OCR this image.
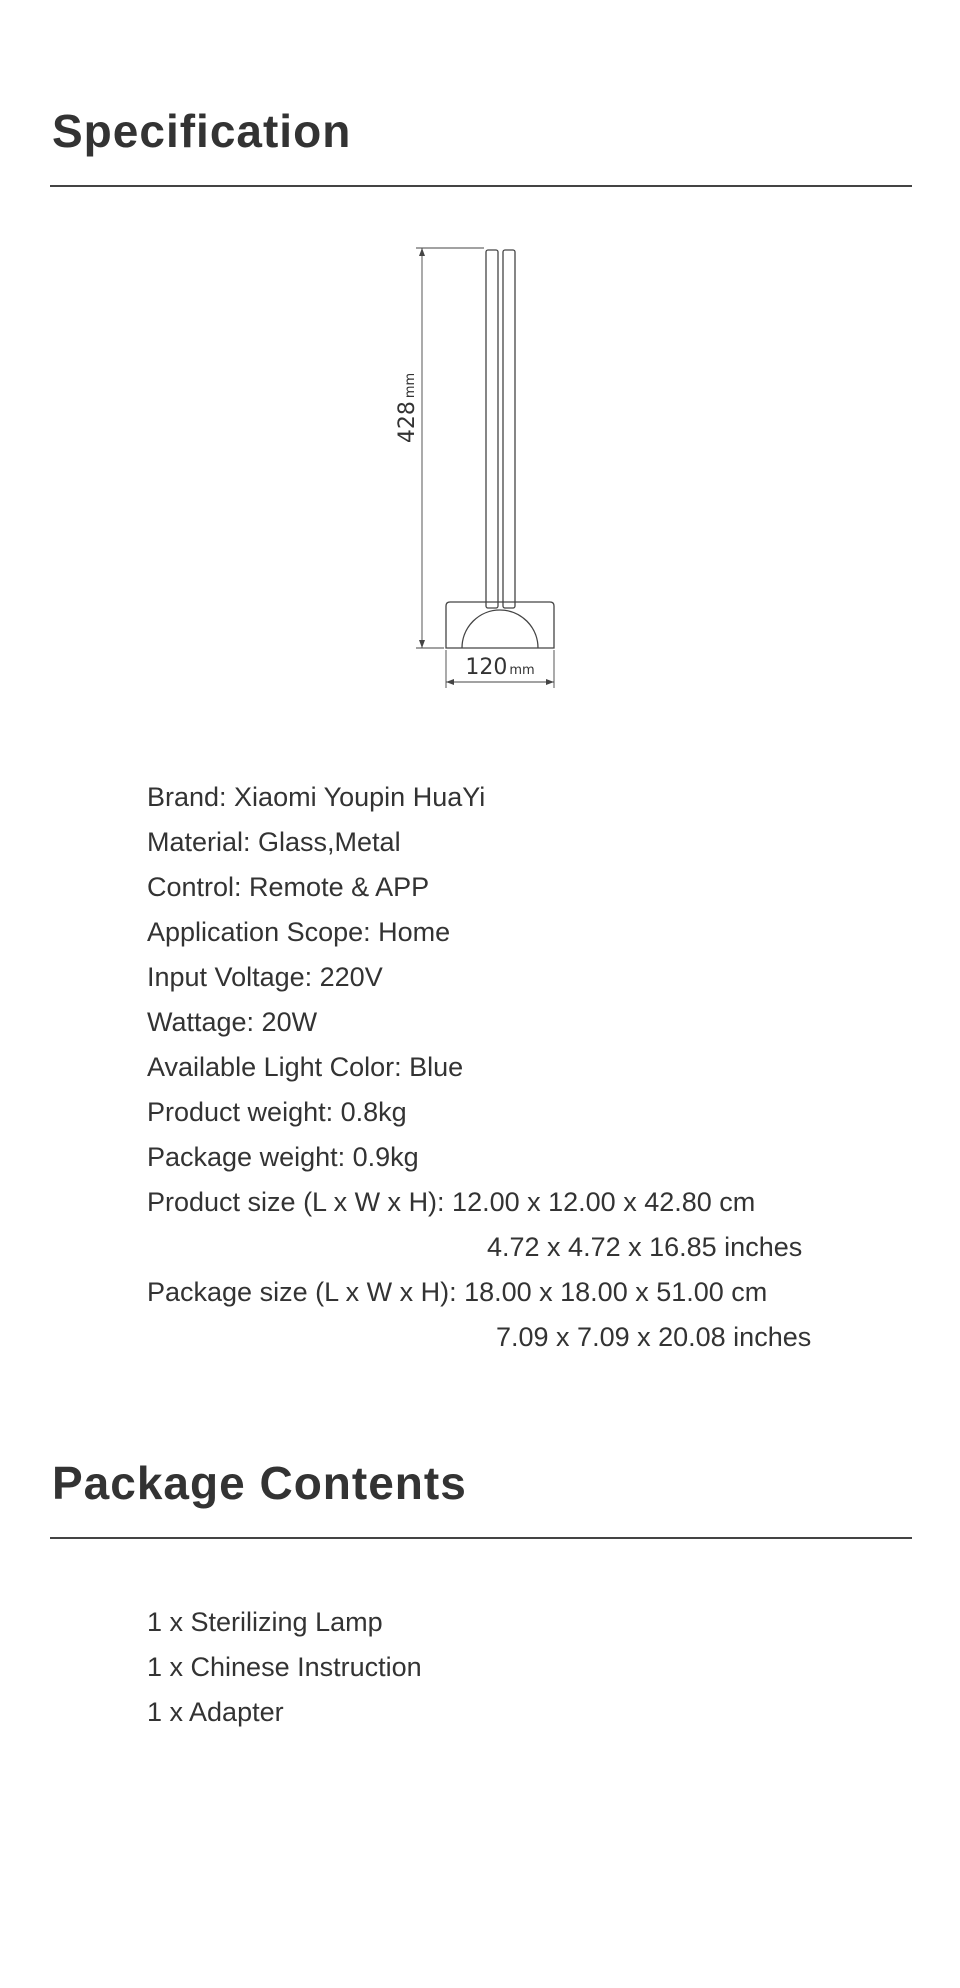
Specification
428mm
120 mm
Brand: Xiaomi Youpin HuaYi
Material: Glass,Metal
Control: Remote & APP
Application Scope: Home
Input Voltage: 220V
Wattage: 20W
Available Light Color: Blue
Product weight: 0.8kg
Package weight: 0.9kg
Product size (L x W x H): 12.00 x 12.00 x 42.80 cm
4.72 x 4.72 x 16.85 inches
Package size (L x W x H): 18.00 x 18.00 x 51.00 cm
7.09 x 7.09 x 20.08 inches
Package Contents
1 x Sterilizing Lamp
1 x Chinese Instruction
1 x Adapter
